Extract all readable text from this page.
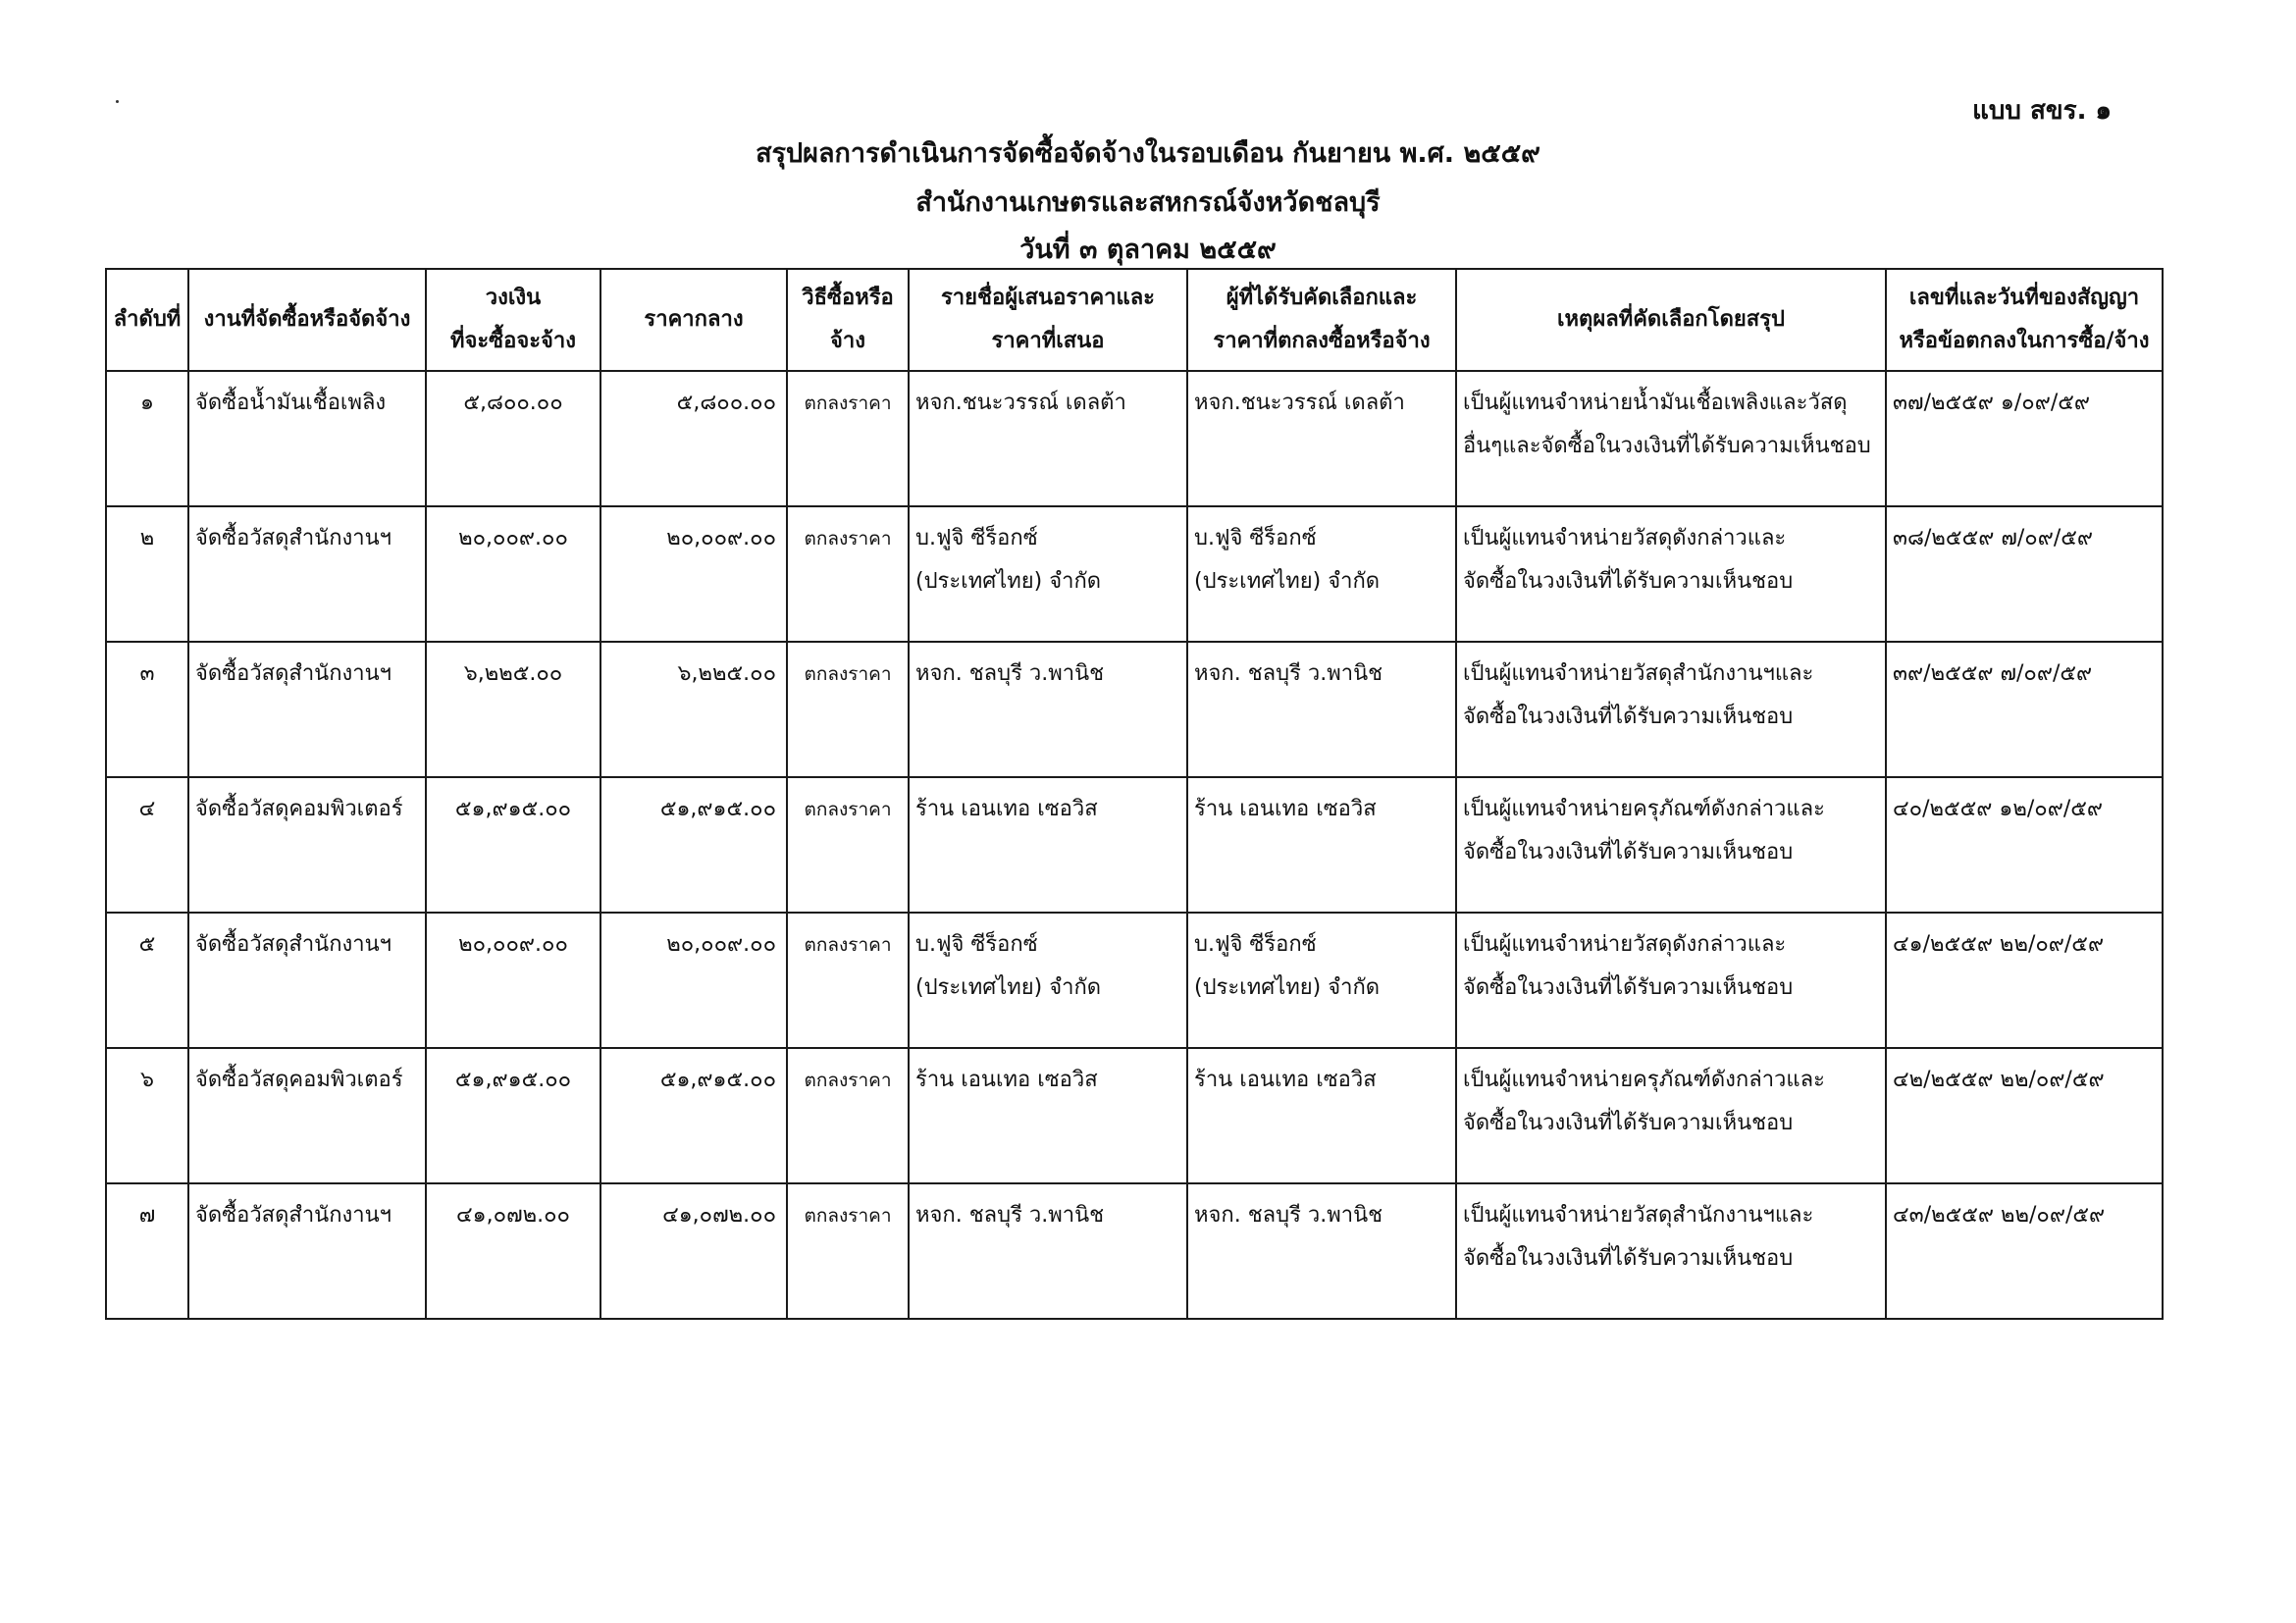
แบบ สขร. ๑
สรุปผลการดำเนินการจัดซื้อจัดจ้างในรอบเดือน กันยายน พ.ศ. ๒๕๕๙
สำนักงานเกษตรและสหกรณ์จังหวัดชลบุรี
วันที่ ๓ ตุลาคม ๒๕๕๙
ลำดับที่	งานที่จัดซื้อหรือจัดจ้าง	วงเงิน
ที่จะซื้อจะจ้าง	ราคากลาง	วิธีซื้อหรือ
จ้าง	รายชื่อผู้เสนอราคาและ
ราคาที่เสนอ	ผู้ที่ได้รับคัดเลือกและ
ราคาที่ตกลงซื้อหรือจ้าง	เหตุผลที่คัดเลือกโดยสรุป	เลขที่และวันที่ของสัญญา
หรือข้อตกลงในการซื้อ/จ้าง

๑	จัดซื้อน้ำมันเชื้อเพลิง	๕,๘๐๐.๐๐	๕,๘๐๐.๐๐	ตกลงราคา	หจก.ชนะวรรณ์ เดลต้า	หจก.ชนะวรรณ์ เดลต้า	เป็นผู้แทนจำหน่ายน้ำมันเชื้อเพลิงและวัสดุ
อื่นๆและจัดซื้อในวงเงินที่ได้รับความเห็นชอบ	๓๗/๒๕๕๙ ๑/๐๙/๕๙

๒	จัดซื้อวัสดุสำนักงานฯ	๒๐,๐๐๙.๐๐	๒๐,๐๐๙.๐๐	ตกลงราคา	บ.ฟูจิ ซีร็อกซ์
(ประเทศไทย) จำกัด	บ.ฟูจิ ซีร็อกซ์
(ประเทศไทย) จำกัด	เป็นผู้แทนจำหน่ายวัสดุดังกล่าวและ
จัดซื้อในวงเงินที่ได้รับความเห็นชอบ	๓๘/๒๕๕๙ ๗/๐๙/๕๙

๓	จัดซื้อวัสดุสำนักงานฯ	๖,๒๒๕.๐๐	๖,๒๒๕.๐๐	ตกลงราคา	หจก. ชลบุรี ว.พานิช	หจก. ชลบุรี ว.พานิช	เป็นผู้แทนจำหน่ายวัสดุสำนักงานฯและ
จัดซื้อในวงเงินที่ได้รับความเห็นชอบ	๓๙/๒๕๕๙ ๗/๐๙/๕๙

๔	จัดซื้อวัสดุคอมพิวเตอร์	๕๑,๙๑๕.๐๐	๕๑,๙๑๕.๐๐	ตกลงราคา	ร้าน เอนเทอ เซอวิส	ร้าน เอนเทอ เซอวิส	เป็นผู้แทนจำหน่ายครุภัณฑ์ดังกล่าวและ
จัดซื้อในวงเงินที่ได้รับความเห็นชอบ	๔๐/๒๕๕๙ ๑๒/๐๙/๕๙

๕	จัดซื้อวัสดุสำนักงานฯ	๒๐,๐๐๙.๐๐	๒๐,๐๐๙.๐๐	ตกลงราคา	บ.ฟูจิ ซีร็อกซ์
(ประเทศไทย) จำกัด	บ.ฟูจิ ซีร็อกซ์
(ประเทศไทย) จำกัด	เป็นผู้แทนจำหน่ายวัสดุดังกล่าวและ
จัดซื้อในวงเงินที่ได้รับความเห็นชอบ	๔๑/๒๕๕๙ ๒๒/๐๙/๕๙

๖	จัดซื้อวัสดุคอมพิวเตอร์	๕๑,๙๑๕.๐๐	๕๑,๙๑๕.๐๐	ตกลงราคา	ร้าน เอนเทอ เซอวิส	ร้าน เอนเทอ เซอวิส	เป็นผู้แทนจำหน่ายครุภัณฑ์ดังกล่าวและ
จัดซื้อในวงเงินที่ได้รับความเห็นชอบ	๔๒/๒๕๕๙ ๒๒/๐๙/๕๙

๗	จัดซื้อวัสดุสำนักงานฯ	๔๑,๐๗๒.๐๐	๔๑,๐๗๒.๐๐	ตกลงราคา	หจก. ชลบุรี ว.พานิช	หจก. ชลบุรี ว.พานิช	เป็นผู้แทนจำหน่ายวัสดุสำนักงานฯและ
จัดซื้อในวงเงินที่ได้รับความเห็นชอบ	๔๓/๒๕๕๙ ๒๒/๐๙/๕๙
